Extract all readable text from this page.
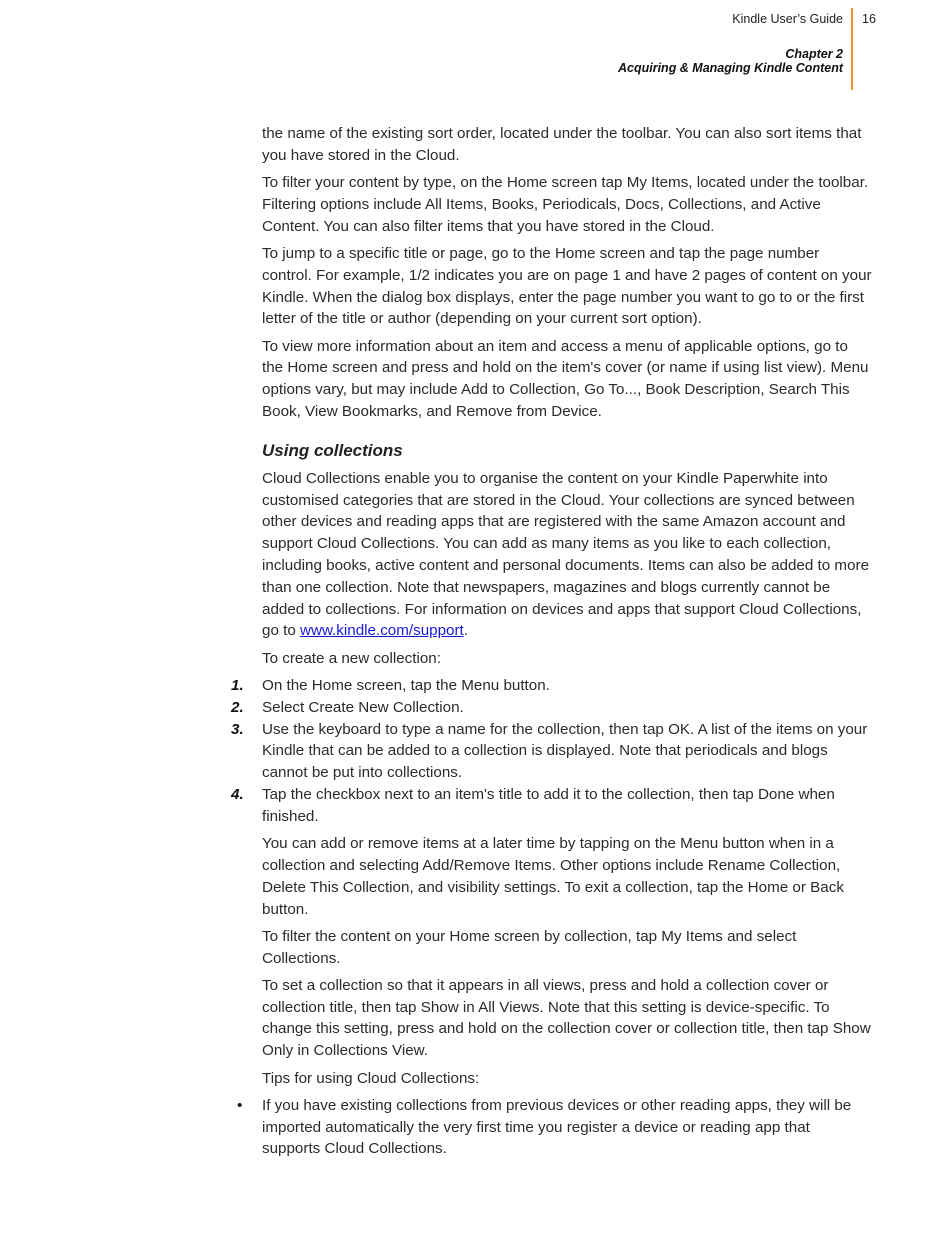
Kindle User’s Guide 16
Chapter 2
Acquiring & Managing Kindle Content

the name of the existing sort order, located under the toolbar. You can also sort items that you have stored in the Cloud.

To filter your content by type, on the Home screen tap My Items, located under the toolbar. Filtering options include All Items, Books, Periodicals, Docs, Collections, and Active Content. You can also filter items that you have stored in the Cloud.

To jump to a specific title or page, go to the Home screen and tap the page number control. For example, 1/2 indicates you are on page 1 and have 2 pages of content on your Kindle. When the dialog box displays, enter the page number you want to go to or the first letter of the title or author (depending on your current sort option).

To view more information about an item and access a menu of applicable options, go to the Home screen and press and hold on the item's cover (or name if using list view). Menu options vary, but may include Add to Collection, Go To..., Book Description, Search This Book, View Bookmarks, and Remove from Device.

Using collections

Cloud Collections enable you to organise the content on your Kindle Paperwhite into customised categories that are stored in the Cloud. Your collections are synced between other devices and reading apps that are registered with the same Amazon account and support Cloud Collections. You can add as many items as you like to each collection, including books, active content and personal documents. Items can also be added to more than one collection. Note that newspapers, magazines and blogs currently cannot be added to collections. For information on devices and apps that support Cloud Collections, go to www.kindle.com/support.

To create a new collection:

1. On the Home screen, tap the Menu button.
2. Select Create New Collection.
3. Use the keyboard to type a name for the collection, then tap OK. A list of the items on your Kindle that can be added to a collection is displayed. Note that periodicals and blogs cannot be put into collections.
4. Tap the checkbox next to an item's title to add it to the collection, then tap Done when finished.

You can add or remove items at a later time by tapping on the Menu button when in a collection and selecting Add/Remove Items. Other options include Rename Collection, Delete This Collection, and visibility settings. To exit a collection, tap the Home or Back button.

To filter the content on your Home screen by collection, tap My Items and select Collections.

To set a collection so that it appears in all views, press and hold a collection cover or collection title, then tap Show in All Views. Note that this setting is device-specific. To change this setting, press and hold on the collection cover or collection title, then tap Show Only in Collections View.

Tips for using Cloud Collections:

• If you have existing collections from previous devices or other reading apps, they will be imported automatically the very first time you register a device or reading app that supports Cloud Collections.
